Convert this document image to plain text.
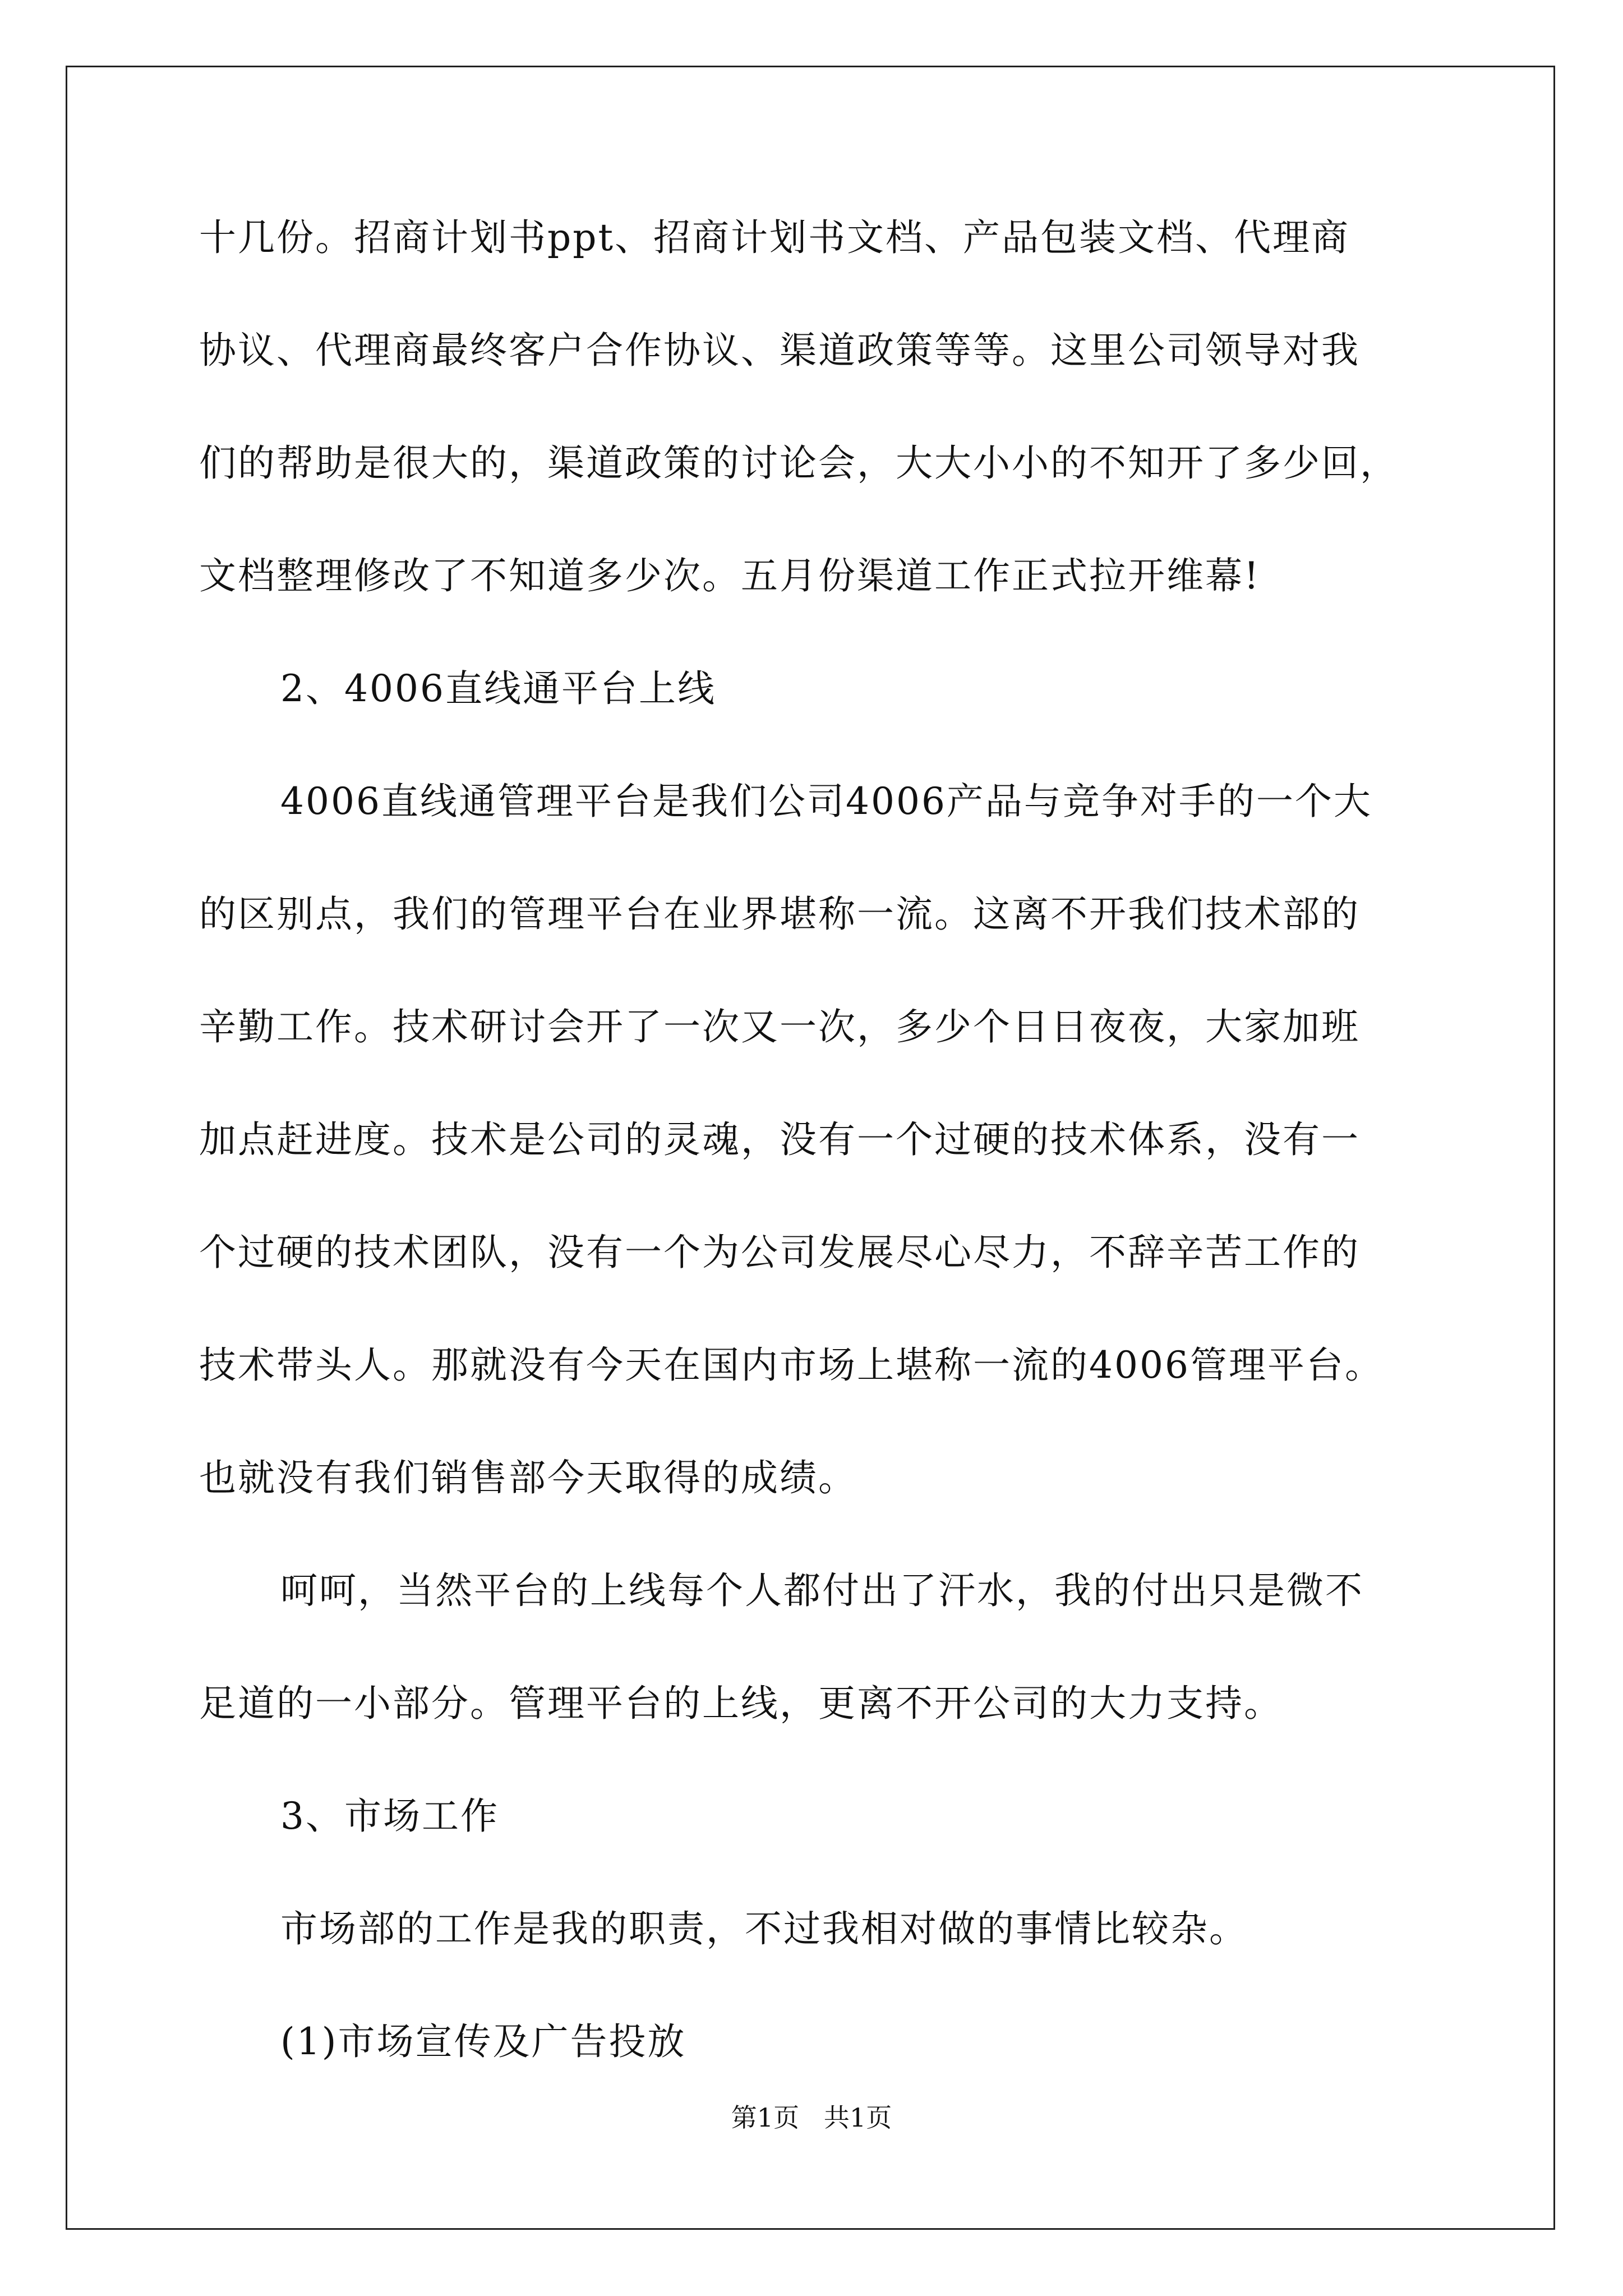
十几份。招商计划书ppt、招商计划书文档、产品包装文档、代理商
协议、代理商最终客户合作协议、渠道政策等等。这里公司领导对我
们的帮助是很大的，渠道政策的讨论会，大大小小的不知开了多少回，
文档整理修改了不知道多少次。五月份渠道工作正式拉开维幕!
2、4006直线通平台上线
4006直线通管理平台是我们公司4006产品与竞争对手的一个大
的区别点，我们的管理平台在业界堪称一流。这离不开我们技术部的
辛勤工作。技术研讨会开了一次又一次，多少个日日夜夜，大家加班
加点赶进度。技术是公司的灵魂，没有一个过硬的技术体系，没有一
个过硬的技术团队，没有一个为公司发展尽心尽力，不辞辛苦工作的
技术带头人。那就没有今天在国内市场上堪称一流的4006管理平台。
也就没有我们销售部今天取得的成绩。
呵呵，当然平台的上线每个人都付出了汗水，我的付出只是微不
足道的一小部分。管理平台的上线，更离不开公司的大力支持。
3、市场工作
市场部的工作是我的职责，不过我相对做的事情比较杂。
(1)市场宣传及广告投放
第1页   共1页
